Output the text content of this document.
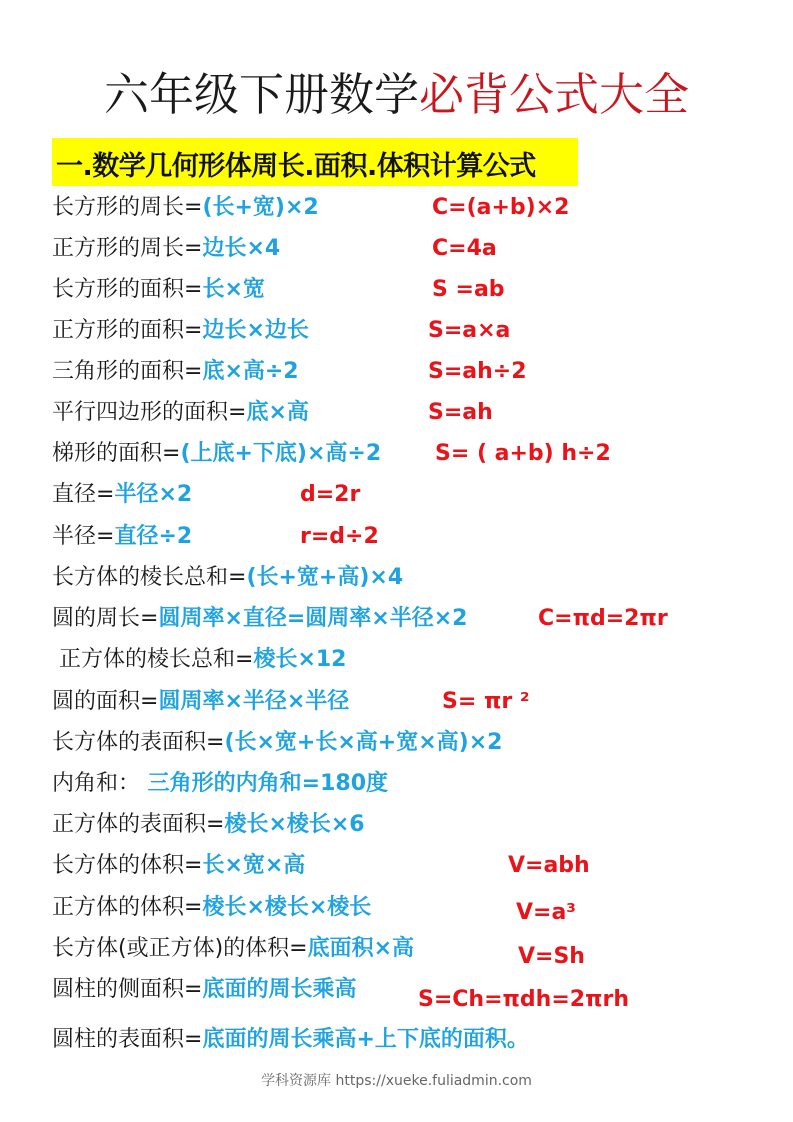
六年级下册数学必背公式大全
一.数学几何形体周长.面积.体积计算公式
长方形的周长=(长+宽)×2	C=(a+b)×2
正方形的周长=边长×4	C=4a
长方形的面积=长×宽	S =ab
正方形的面积=边长×边长	S=a×a
三角形的面积=底×高÷2	S=ah÷2
平行四边形的面积=底×高	S=ah
梯形的面积=(上底+下底)×高÷2 S= ( a+b) h÷2
直径=半径×2	d=2r
半径=直径÷2	r=d÷2
长方体的棱长总和=(长+宽+高)×4
圆的周长=圆周率×直径=圆周率×半径×2	C=πd=2πr
正方体的棱长总和=棱长×12
圆的面积=圆周率×半径×半径	S= πr ²
长方体的表面积=(长×宽+长×高+宽×高)×2
内角和： 三角形的内角和=180度
正方体的表面积=棱长×棱长×6
长方体的体积=长×宽×高	V=abh
正方体的体积=棱长×棱长×棱长	V=a³
长方体(或正方体)的体积=底面积×高	V=Sh
圆柱的侧面积=底面的周长乘高	S=Ch=πdh=2πrh
圆柱的表面积=底面的周长乘高+上下底的面积。
学科资源库 https://xueke.fuliadmin.com
